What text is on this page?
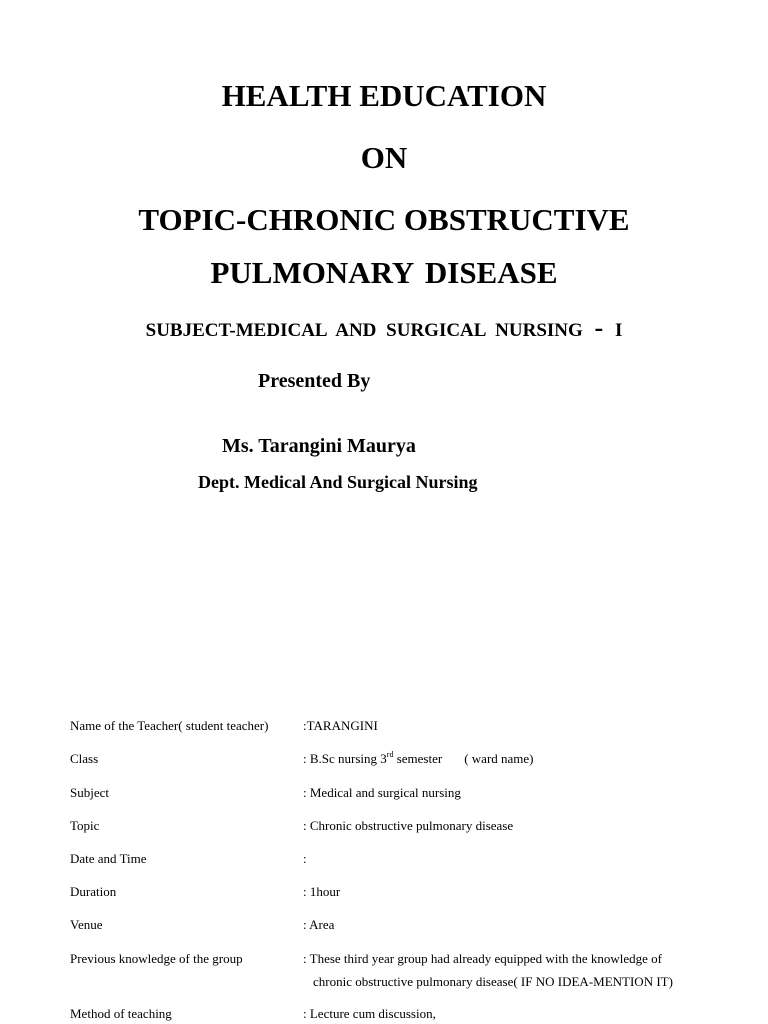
HEALTH EDUCATION
ON
TOPIC-CHRONIC OBSTRUCTIVE
PULMONARY DISEASE
SUBJECT-MEDICAL AND SURGICAL NURSING - I
Presented By
Ms. Tarangini Maurya
Dept. Medical And Surgical Nursing
Name of the Teacher( student teacher)	:TARANGINI
Class	: B.Sc nursing 3rd semester ( ward name)
Subject	: Medical and surgical nursing
Topic	: Chronic obstructive pulmonary disease
Date and Time	:
Duration	: 1hour
Venue	: Area
Previous knowledge of the group	: These third year group had already equipped with the knowledge of
chronic obstructive pulmonary disease( IF NO IDEA-MENTION IT)
Method of teaching	: Lecture cum discussion,
